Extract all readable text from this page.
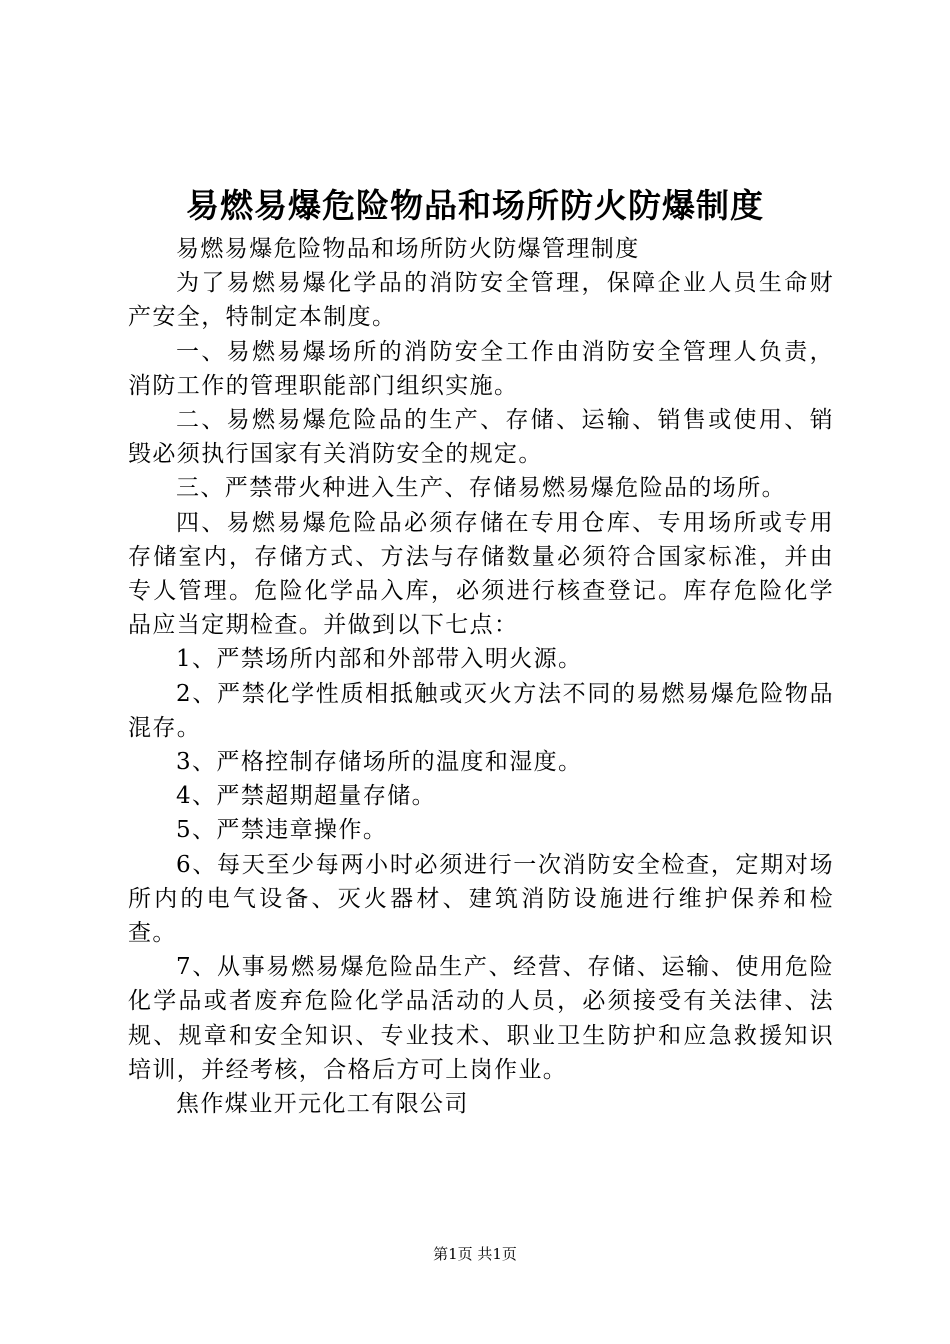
易燃易爆危险物品和场所防火防爆制度

易燃易爆危险物品和场所防火防爆管理制度

为了易燃易爆化学品的消防安全管理，保障企业人员生命财产安全，特制定本制度。

一、易燃易爆场所的消防安全工作由消防安全管理人负责，消防工作的管理职能部门组织实施。

二、易燃易爆危险品的生产、存储、运输、销售或使用、销毁必须执行国家有关消防安全的规定。

三、严禁带火种进入生产、存储易燃易爆危险品的场所。

四、易燃易爆危险品必须存储在专用仓库、专用场所或专用存储室内，存储方式、方法与存储数量必须符合国家标准，并由专人管理。危险化学品入库，必须进行核查登记。库存危险化学品应当定期检查。并做到以下七点：

1、严禁场所内部和外部带入明火源。

2、严禁化学性质相抵触或灭火方法不同的易燃易爆危险物品混存。

3、严格控制存储场所的温度和湿度。

4、严禁超期超量存储。

5、严禁违章操作。

6、每天至少每两小时必须进行一次消防安全检查，定期对场所内的电气设备、灭火器材、建筑消防设施进行维护保养和检查。

7、从事易燃易爆危险品生产、经营、存储、运输、使用危险化学品或者废弃危险化学品活动的人员，必须接受有关法律、法规、规章和安全知识、专业技术、职业卫生防护和应急救援知识培训，并经考核，合格后方可上岗作业。

焦作煤业开元化工有限公司

第1页 共1页
